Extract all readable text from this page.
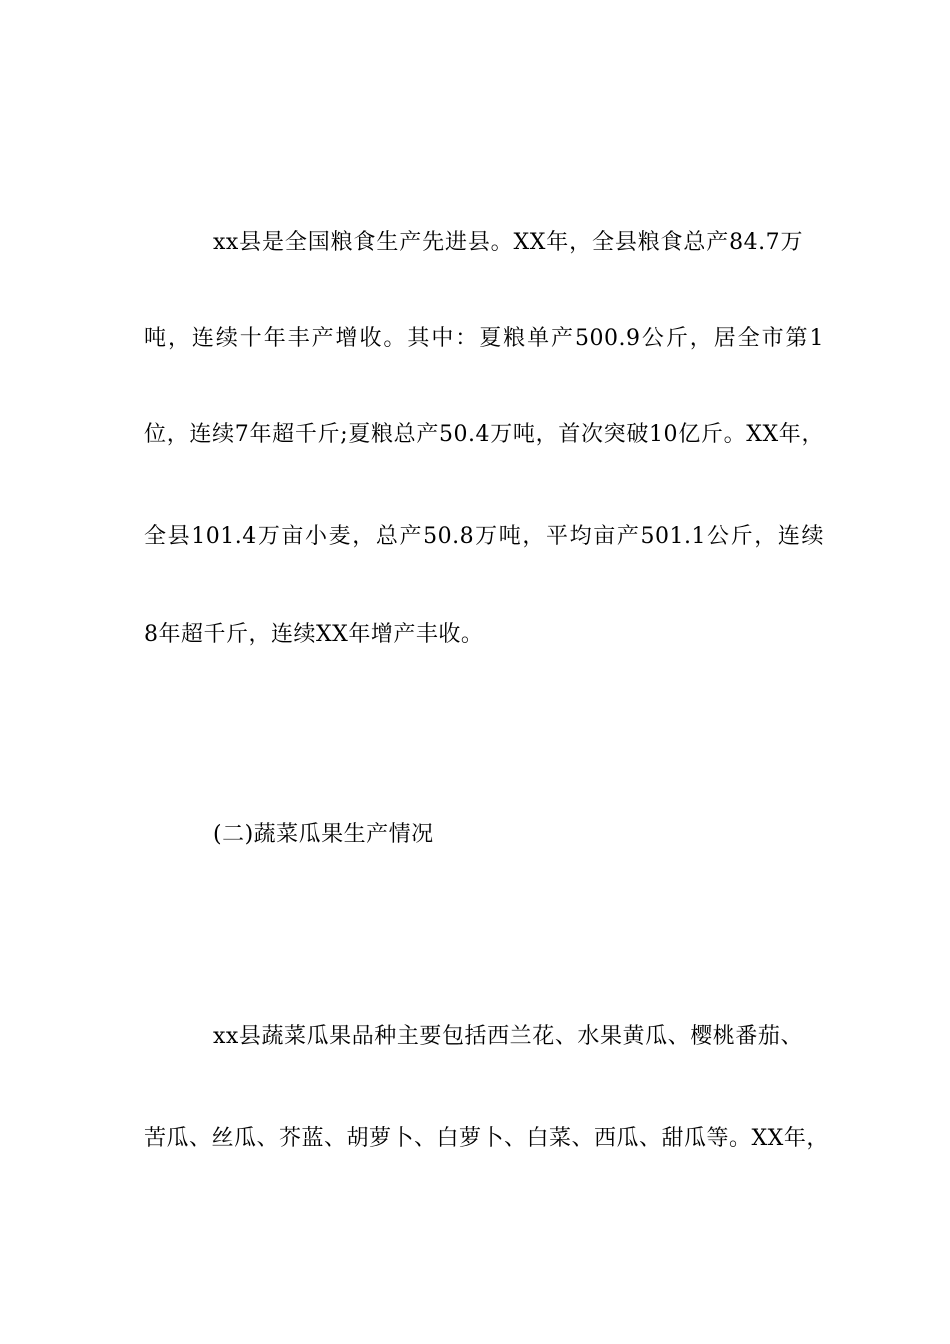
xx县是全国粮食生产先进县。XX年，全县粮食总产84.7万
吨，连续十年丰产增收。其中：夏粮单产500.9公斤，居全市第1
位，连续7年超千斤;夏粮总产50.4万吨，首次突破10亿斤。XX年，
全县101.4万亩小麦，总产50.8万吨，平均亩产501.1公斤，连续
8年超千斤，连续XX年增产丰收。
(二)蔬菜瓜果生产情况
xx县蔬菜瓜果品种主要包括西兰花、水果黄瓜、樱桃番茄、
苦瓜、丝瓜、芥蓝、胡萝卜、白萝卜、白菜、西瓜、甜瓜等。XX年，
